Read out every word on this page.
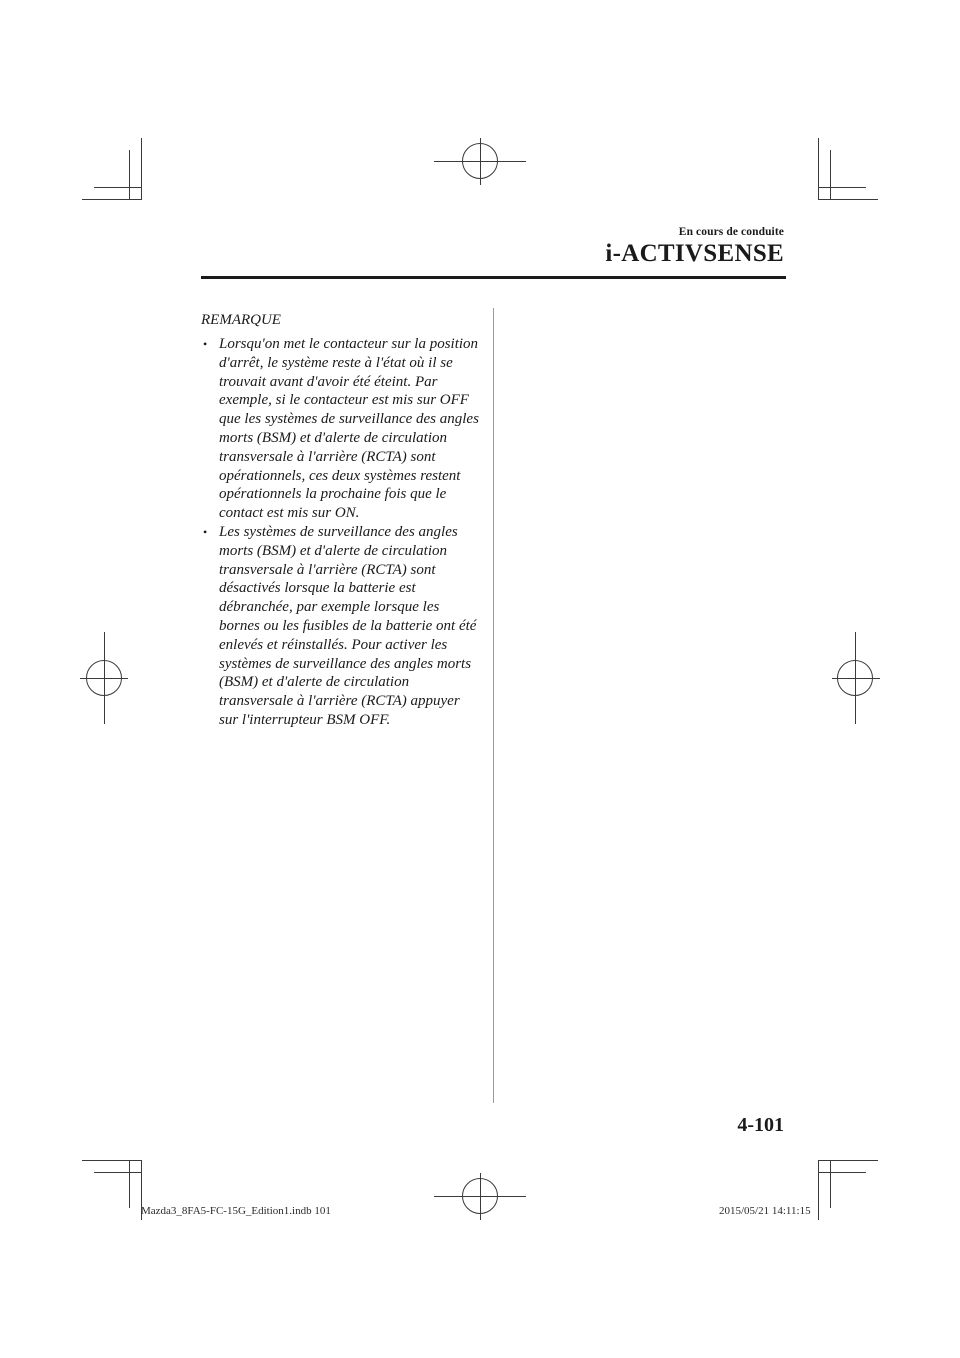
En cours de conduite
i-ACTIVSENSE
REMARQUE
• Lorsqu'on met le contacteur sur la position d'arrêt, le système reste à l'état où il se trouvait avant d'avoir été éteint. Par exemple, si le contacteur est mis sur OFF que les systèmes de surveillance des angles morts (BSM) et d'alerte de circulation transversale à l'arrière (RCTA) sont opérationnels, ces deux systèmes restent opérationnels la prochaine fois que le contact est mis sur ON.
• Les systèmes de surveillance des angles morts (BSM) et d'alerte de circulation transversale à l'arrière (RCTA) sont désactivés lorsque la batterie est débranchée, par exemple lorsque les bornes ou les fusibles de la batterie ont été enlevés et réinstallés. Pour activer les systèmes de surveillance des angles morts (BSM) et d'alerte de circulation transversale à l'arrière (RCTA) appuyer sur l'interrupteur BSM OFF.
4-101
Mazda3_8FA5-FC-15G_Edition1.indb 101	2015/05/21 14:11:15
